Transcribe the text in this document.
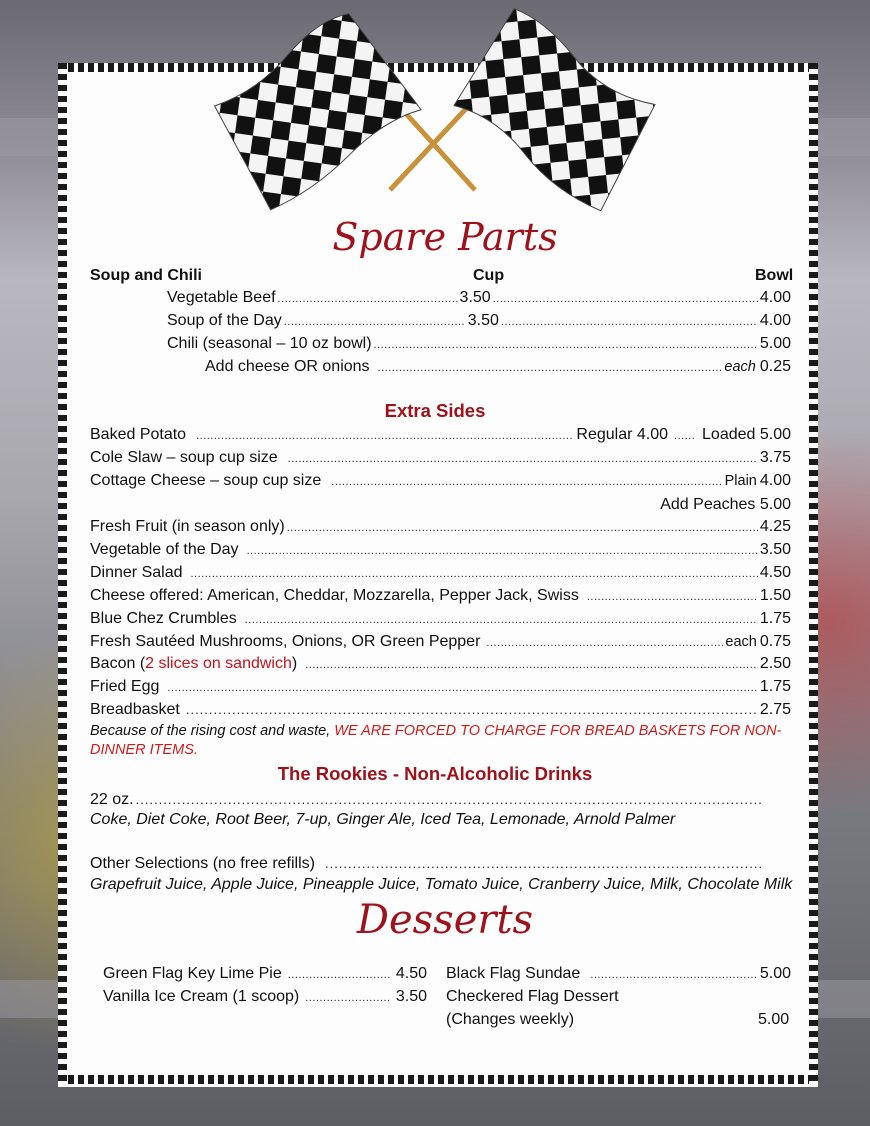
Spare Parts
Soup and Chili	Cup	Bowl
Vegetable Beef .....	3.50 .....	4.00
Soup of the Day .....	3.50 .....	4.00
Chili (seasonal – 10 oz bowl) .....	5.00
Add cheese OR onions .....	each 0.25
Extra Sides
Baked Potato .....	Regular 4.00 ..... Loaded 5.00
Cole Slaw – soup cup size .....	3.75
Cottage Cheese – soup cup size .....	Plain 4.00
Add Peaches 5.00
Fresh Fruit (in season only) .....	4.25
Vegetable of the Day .....	3.50
Dinner Salad .....	4.50
Cheese offered: American, Cheddar, Mozzarella, Pepper Jack, Swiss .....	1.50
Blue Chez Crumbles .....	1.75
Fresh Sautéed Mushrooms, Onions, OR Green Pepper .....	each 0.75
Bacon (2 slices on sandwich) .....	2.50
Fried Egg .....	1.75
Breadbasket .....	2.75
Because of the rising cost and waste, WE ARE FORCED TO CHARGE FOR BREAD BASKETS FOR NON-DINNER ITEMS.
The Rookies - Non-Alcoholic Drinks
22 oz.
.....
Coke, Diet Coke, Root Beer, 7-up, Ginger Ale, Iced Tea, Lemonade, Arnold Palmer
Other Selections (no free refills)
.....
Grapefruit Juice, Apple Juice, Pineapple Juice, Tomato Juice, Cranberry Juice, Milk, Chocolate Milk
Desserts
Green Flag Key Lime Pie .....	4.50
Vanilla Ice Cream (1 scoop) .....	3.50
Black Flag Sundae .....	5.00
Checkered Flag Dessert
(Changes weekly)	5.00
